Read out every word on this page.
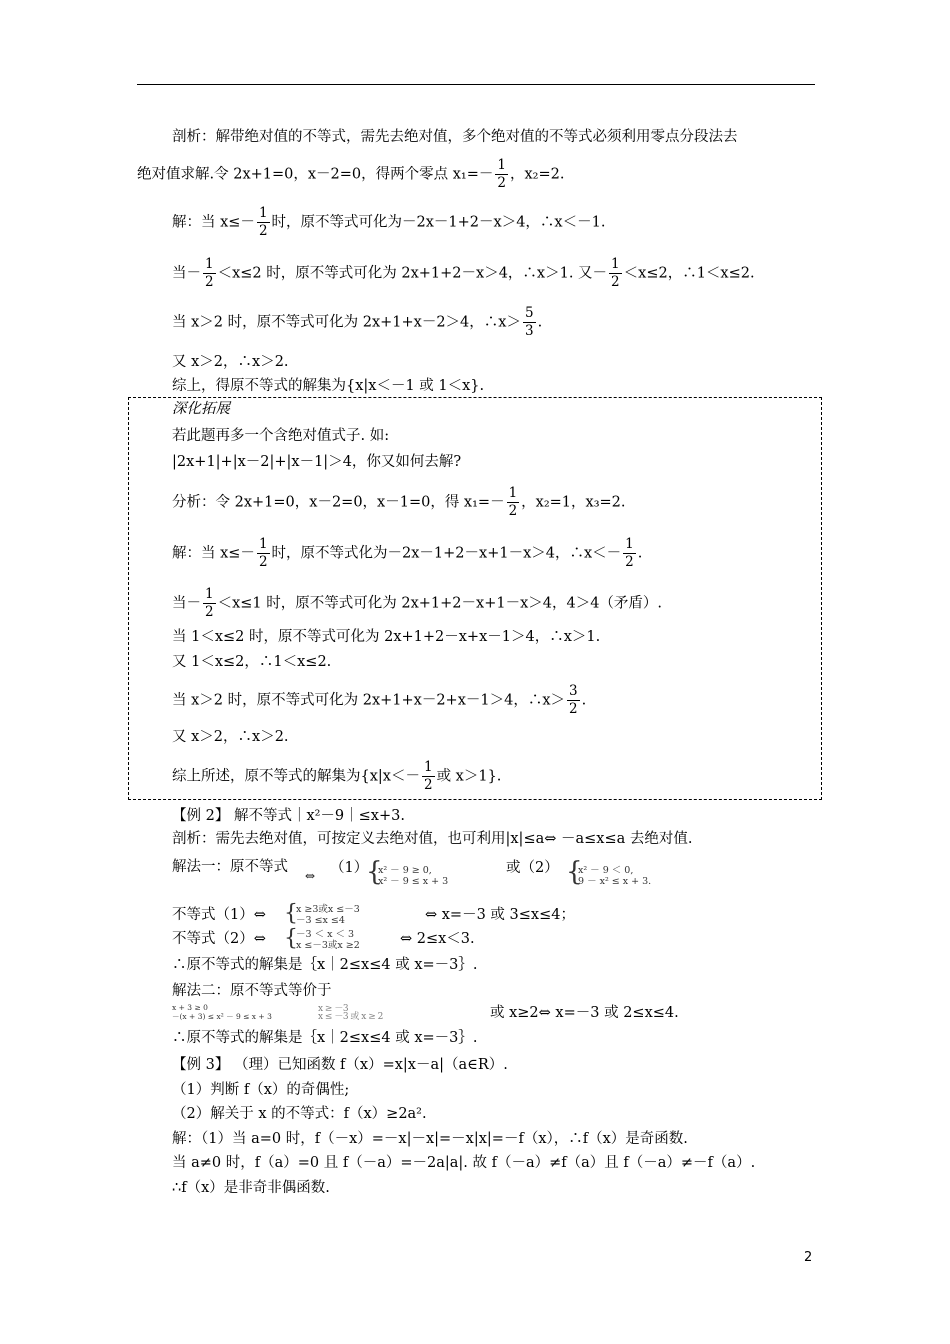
剖析：解带绝对值的不等式，需先去绝对值，多个绝对值的不等式必须利用零点分段法去
绝对值求解.令 2x+1=0，x－2=0，得两个零点 $x_1=- \frac{1}{2}$ ，x₂=2.
解：当 $x\le- \frac{1}{2}$ 时，原不等式可化为－2x－1+2－x＞4，∴x＜－1.
当－ $\frac{1}{2} <x\le 2$ 时，原不等式可化为 2x+1+2－x＞4，∴x＞1. 又－ $\frac{1}{2} <x\le 2$，∴1＜x≤2.
当 x＞2 时，原不等式可化为 2x+1+x－2＞4，∴x＞ $\frac{5}{3}$ .
又 x＞2，∴x＞2.
综上，得原不等式的解集为{x|x＜－1 或 1＜x}.
深化拓展
若此题再多一个含绝对值式子. 如:
|2x+1|+|x－2|+|x－1|＞4，你又如何去解?
分析：令 2x+1=0，x－2=0，x－1=0，得 $x_1=- \frac{1}{2}$ ，x₂=1，x₃=2.
解：当 $x\le- \frac{1}{2}$ 时，原不等式化为－2x－1+2－x+1－x＞4，∴x＜－ $\frac{1}{2}$ .
当－ $\frac{1}{2} <x\le 1$ 时，原不等式可化为 2x+1+2－x+1－x＞4，4＞4（矛盾）.
当 1＜x≤2 时，原不等式可化为 2x+1+2－x+x－1＞4，∴x＞1.
又 1＜x≤2，∴1＜x≤2.
当 x＞2 时，原不等式可化为 2x+1+x－2+x－1＞4，∴x＞ $\frac{3}{2}$ .
又 x＞2，∴x＞2.
综上所述，原不等式的解集为{$x|x<- \frac{1}{2}$ 或 x＞1}.
【例 2】 解不等式｜x²－9｜≤x+3.
剖析：需先去绝对值，可按定义去绝对值，也可利用|x|≤a⇔ －a≤x≤a 去绝对值.
解法一：原不等式
⇔ （1）
{
x² － 9 ≥ 0,
x² － 9 ≤ x + 3
或（2） {
x² － 9 ＜ 0,
9 － x² ≤ x + 3.
不等式（1）⇔ {
x ≥3或x ≤－3
－3 ≤x ≤4	⇔ x=－3 或 3≤x≤4；
不等式（2）⇔ {
－3 ＜ x ＜ 3
x ≤－3或x ≥2	⇔ 2≤x＜3.
∴原不等式的解集是｛x｜2≤x≤4 或 x=－3｝.
解法二：原不等式等价于
x + 3 ≥ 0
－(x + 3) ≤ x² － 9 ≤ x + 3
x ≥ －3
x ≤ －3 或 x ≥ 2	或 x≥2⇔ x=－3 或 2≤x≤4.
∴原不等式的解集是｛x｜2≤x≤4 或 x=－3｝.
【例 3】 （理）已知函数 f（x）=x|x－a|（a∈R）.
（1）判断 f（x）的奇偶性;
（2）解关于 x 的不等式：f（x）≥2a².
解：（1）当 a=0 时，f（－x）=－x|－x|=－x|x|=－f（x），∴f（x）是奇函数.
当 a≠0 时，f（a）=0 且 f（－a）=－2a|a|. 故 f（－a）≠f（a）且 f（－a）≠－f（a）.
∴f（x）是非奇非偶函数.
2
